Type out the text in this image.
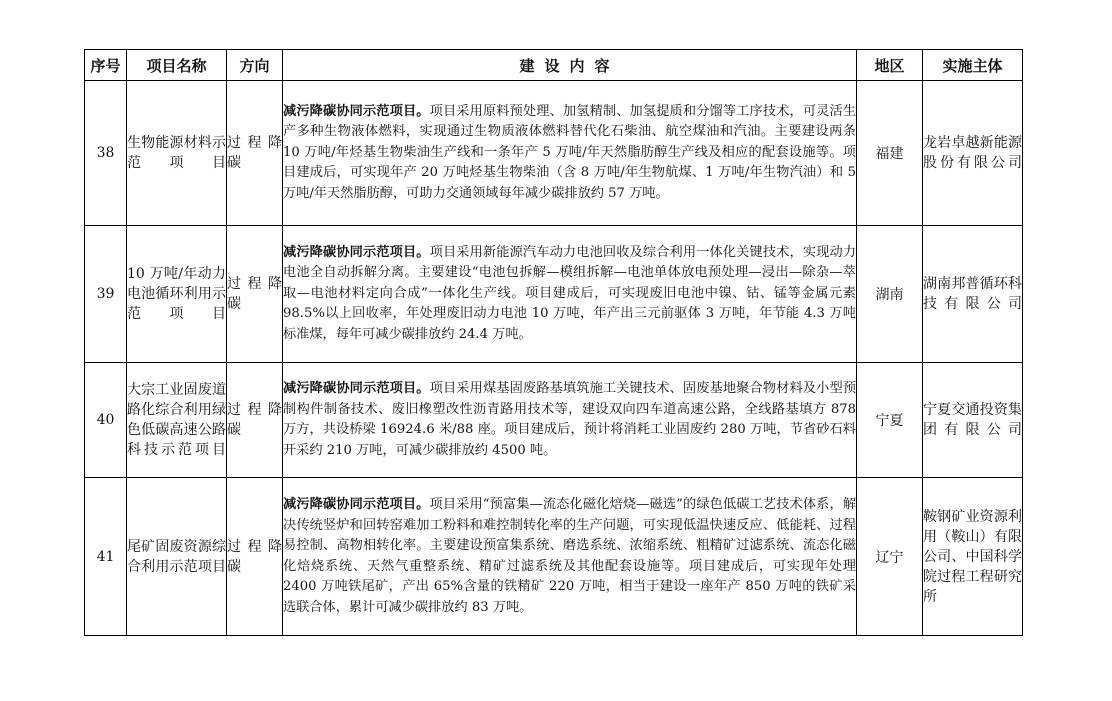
序号	项目名称	方向	建设内容	地区	实施主体
38	生物能源材料示范项目	过程降碳	减污降碳协同示范项目。项目采用原料预处理、加氢精制、加氢提质和分馏等工序技术，可灵活生产多种生物液体燃料，实现通过生物质液体燃料替代化石柴油、航空煤油和汽油。主要建设两条 10 万吨/年烃基生物柴油生产线和一条年产 5 万吨/年天然脂肪醇生产线及相应的配套设施等。项目建成后，可实现年产 20 万吨烃基生物柴油（含 8 万吨/年生物航煤、1 万吨/年生物汽油）和 5 万吨/年天然脂肪醇，可助力交通领域每年减少碳排放约 57 万吨。	福建	龙岩卓越新能源股份有限公司
39	10 万吨/年动力电池循环利用示范项目	过程降碳	减污降碳协同示范项目。项目采用新能源汽车动力电池回收及综合利用一体化关键技术，实现动力电池全自动拆解分离。主要建设“电池包拆解—模组拆解—电池单体放电预处理—浸出—除杂—萃取—电池材料定向合成”一体化生产线。项目建成后，可实现废旧电池中镍、钴、锰等金属元素 98.5%以上回收率，年处理废旧动力电池 10 万吨，年产出三元前驱体 3 万吨，年节能 4.3 万吨标准煤，每年可减少碳排放约 24.4 万吨。	湖南	湖南邦普循环科技有限公司
40	大宗工业固废道路化综合利用绿色低碳高速公路科技示范项目	过程降碳	减污降碳协同示范项目。项目采用煤基固废路基填筑施工关键技术、固废基地聚合物材料及小型预制构件制备技术、废旧橡塑改性沥青路用技术等，建设双向四车道高速公路，全线路基填方 878 万方，共设桥梁 16924.6 米/88 座。项目建成后，预计将消耗工业固废约 280 万吨，节省砂石料开采约 210 万吨，可减少碳排放约 4500 吨。	宁夏	宁夏交通投资集团有限公司
41	尾矿固废资源综合利用示范项目	过程降碳	减污降碳协同示范项目。项目采用“预富集—流态化磁化焙烧—磁选”的绿色低碳工艺技术体系，解决传统竖炉和回转窑难加工粉料和难控制转化率的生产问题，可实现低温快速反应、低能耗、过程易控制、高物相转化率。主要建设预富集系统、磨选系统、浓缩系统、粗精矿过滤系统、流态化磁化焙烧系统、天然气重整系统、精矿过滤系统及其他配套设施等。项目建成后，可实现年处理 2400 万吨铁尾矿，产出 65%含量的铁精矿 220 万吨，相当于建设一座年产 850 万吨的铁矿采选联合体，累计可减少碳排放约 83 万吨。	辽宁	鞍钢矿业资源利用（鞍山）有限公司、中国科学院过程工程研究所
